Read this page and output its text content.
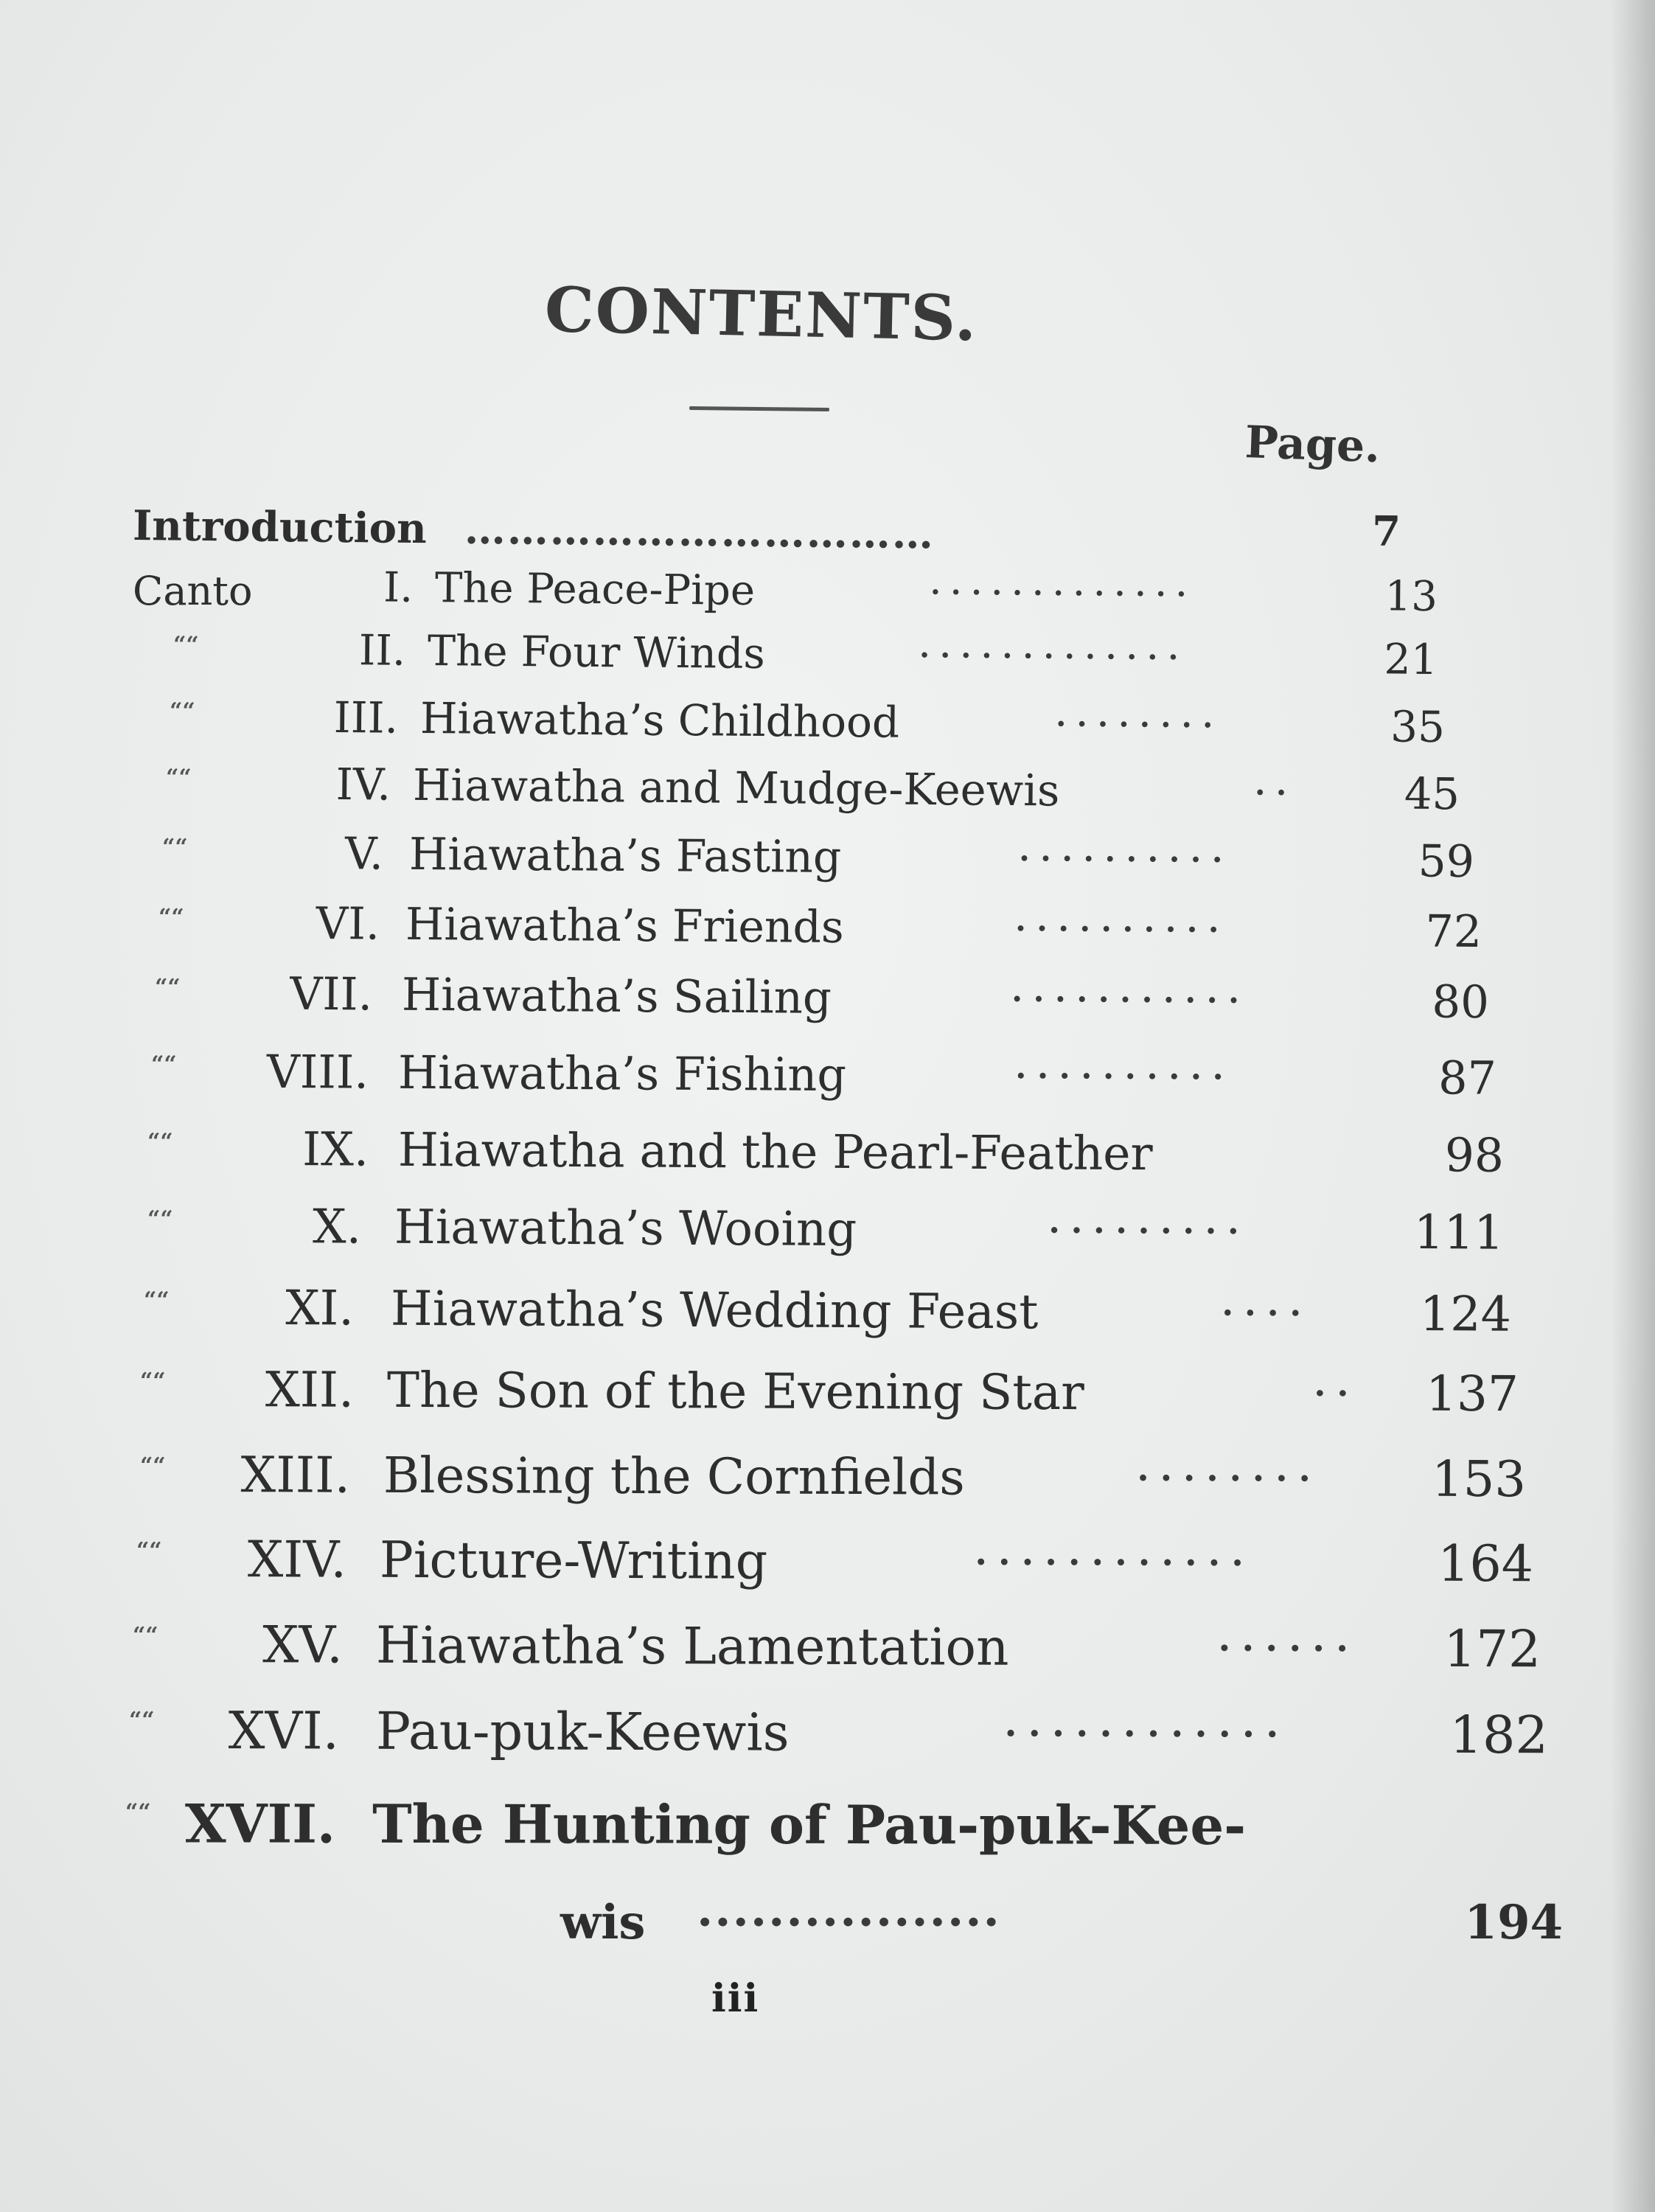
CONTENTS.
Page.
Introduction ……………………………	7
Canto	I. The Peace-Pipe	·············	13
““	II. The Four Winds	·············	21
““	III. Hiawatha’s Childhood	········	35
““	IV. Hiawatha and Mudge-Keewis	··	45
““	V. Hiawatha’s Fasting	··········	59
““	VI. Hiawatha’s Friends	··········	72
““	VII. Hiawatha’s Sailing	···········	80
““	VIII. Hiawatha’s Fishing	··········	87
““	IX. Hiawatha and the Pearl-Feather	98
““	X. Hiawatha’s Wooing	·········	111
““	XI. Hiawatha’s Wedding Feast	····	124
““	XII. The Son of the Evening Star	··	137
““	XIII. Blessing the Cornfields	········	153
““	XIV. Picture-Writing	············	164
““	XV. Hiawatha’s Lamentation	······	172
““	XVI. Pau-puk-Keewis	············	182
““ XVII. The Hunting of Pau-puk-Kee-
wis ·················	194
iii
